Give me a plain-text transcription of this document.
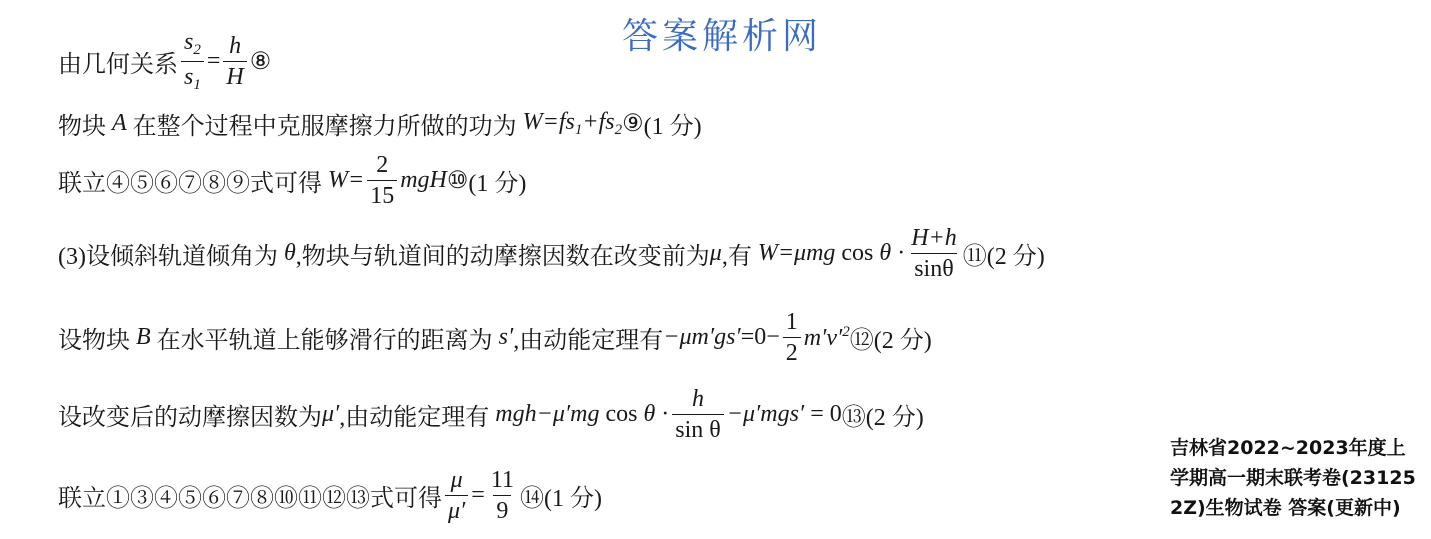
答案解析网
由几何关系 $\frac{s_2}{s_1} = \frac{h}{H}$ ⑧
物块 A 在整个过程中克服摩擦力所做的功为 $W=fs_1+fs_2$ ⑨ (1 分)
联立④⑤⑥⑦⑧⑨式可得 $W= \frac{2}{15}$ mgH ⑩ (1 分)
(3)设倾斜轨道倾角为 θ ,物块与轨道间的动摩擦因数在改变前为 μ ,有 W=μmg $\cos \theta \cdot \frac{H+h}{\sin\theta}$ ⑪ (2 分)
设物块 B 在水平轨道上能够滑行的距离为 s′ ,由动能定理有 $-\mu m'gs' =0- \frac{1}{2} m'v'^2$ ⑫ (2 分)
设改变后的动摩擦因数为 μ′ ,由动能定理有 mgh−μ′mg $\cos \theta \cdot \frac{h}{\text{sin θ}} -\mu'mgs' = 0$ ⑬ (2 分)
联立①③④⑤⑥⑦⑧⑩⑪⑫⑬式可得 $\frac{\mu}{\mu'} = \frac{11}{9}$ ⑭ (1 分)
吉林省2022~2023年度上
学期高一期末联考卷(23125
2Z)生物试卷 答案(更新中)
